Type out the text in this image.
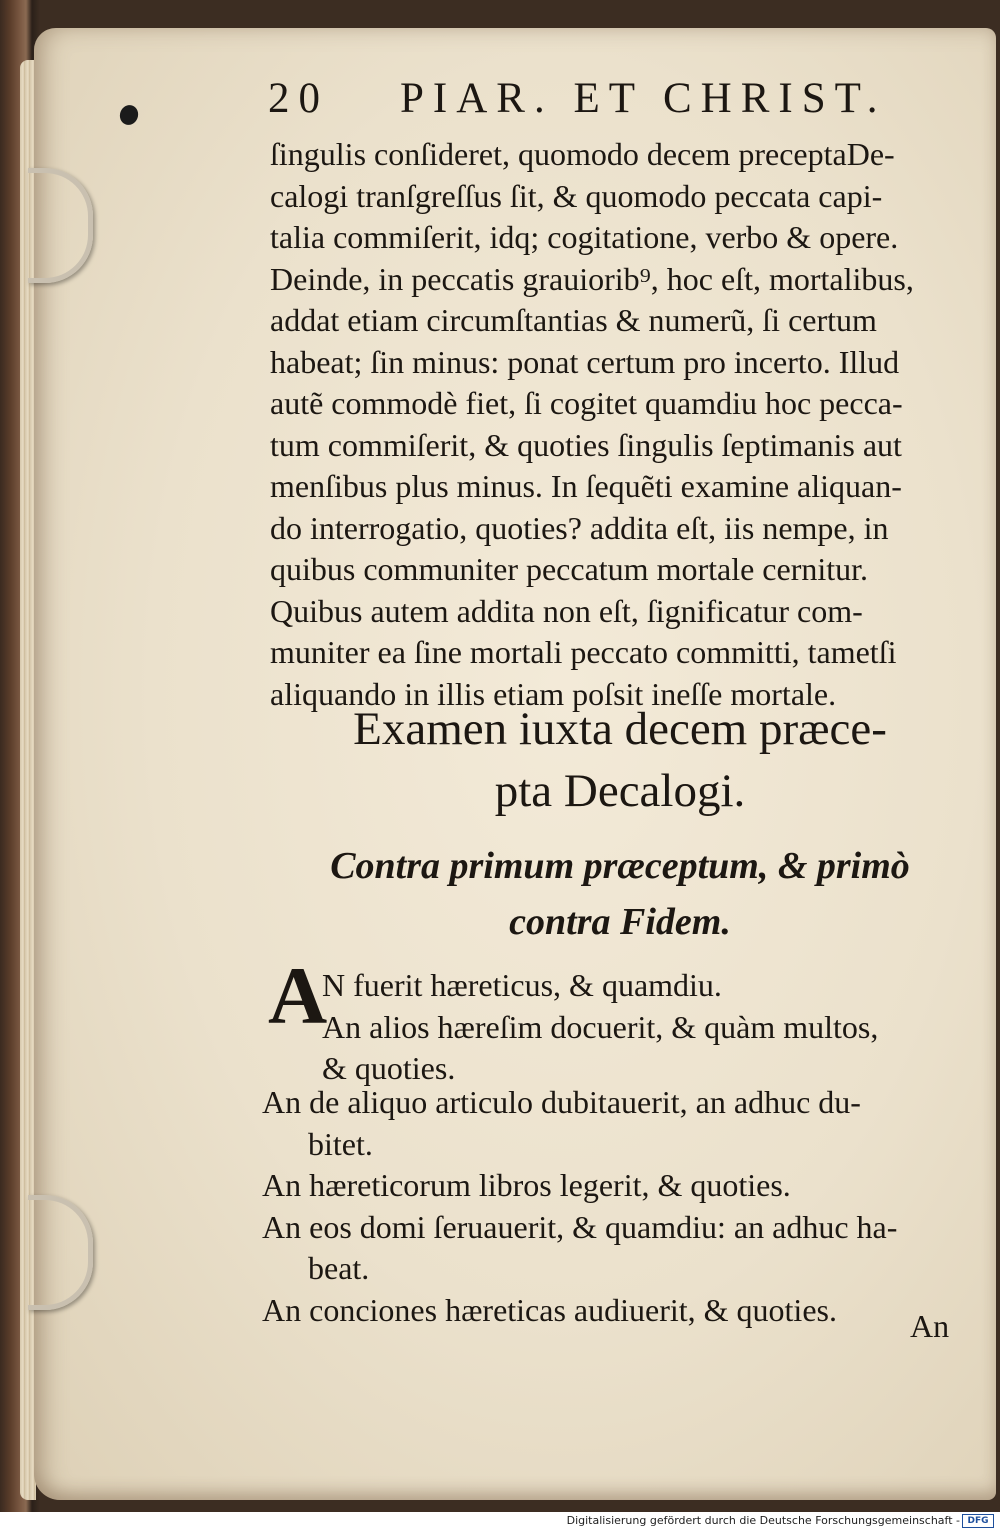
20 PIAR. ET CHRIST.
ſingulis conſideret, quomodo decem preceptaDe-
calogi tranſgreſſus ſit, & quomodo peccata capi-
talia commiſerit, idq; cogitatione, verbo & opere.
Deinde, in peccatis grauiorib⁹, hoc eſt, mortalibus,
addat etiam circumſtantias & numerũ, ſi certum
habeat; ſin minus: ponat certum pro incerto. Illud
autẽ commodè fiet, ſi cogitet quamdiu hoc pecca-
tum commiſerit, & quoties ſingulis ſeptimanis aut
menſibus plus minus. In ſequẽti examine aliquan-
do interrogatio, quoties? addita eſt, iis nempe, in
quibus communiter peccatum mortale cernitur.
Quibus autem addita non eſt, ſignificatur com-
muniter ea ſine mortali peccato committi, tametſi
aliquando in illis etiam poſsit ineſſe mortale.
Examen iuxta decem præce-
pta Decalogi.
Contra primum præceptum, & primò
contra Fidem.
A
N fuerit hæreticus, & quamdiu.
An alios hæreſim docuerit, & quàm multos,
& quoties.
An de aliquo articulo dubitauerit, an adhuc du-
bitet.
An hæreticorum libros legerit, & quoties.
An eos domi ſeruauerit, & quamdiu: an adhuc ha-
beat.
An conciones hæreticas audiuerit, & quoties.	An
Digitalisierung gefördert durch die Deutsche Forschungsgemeinschaft - DFG
